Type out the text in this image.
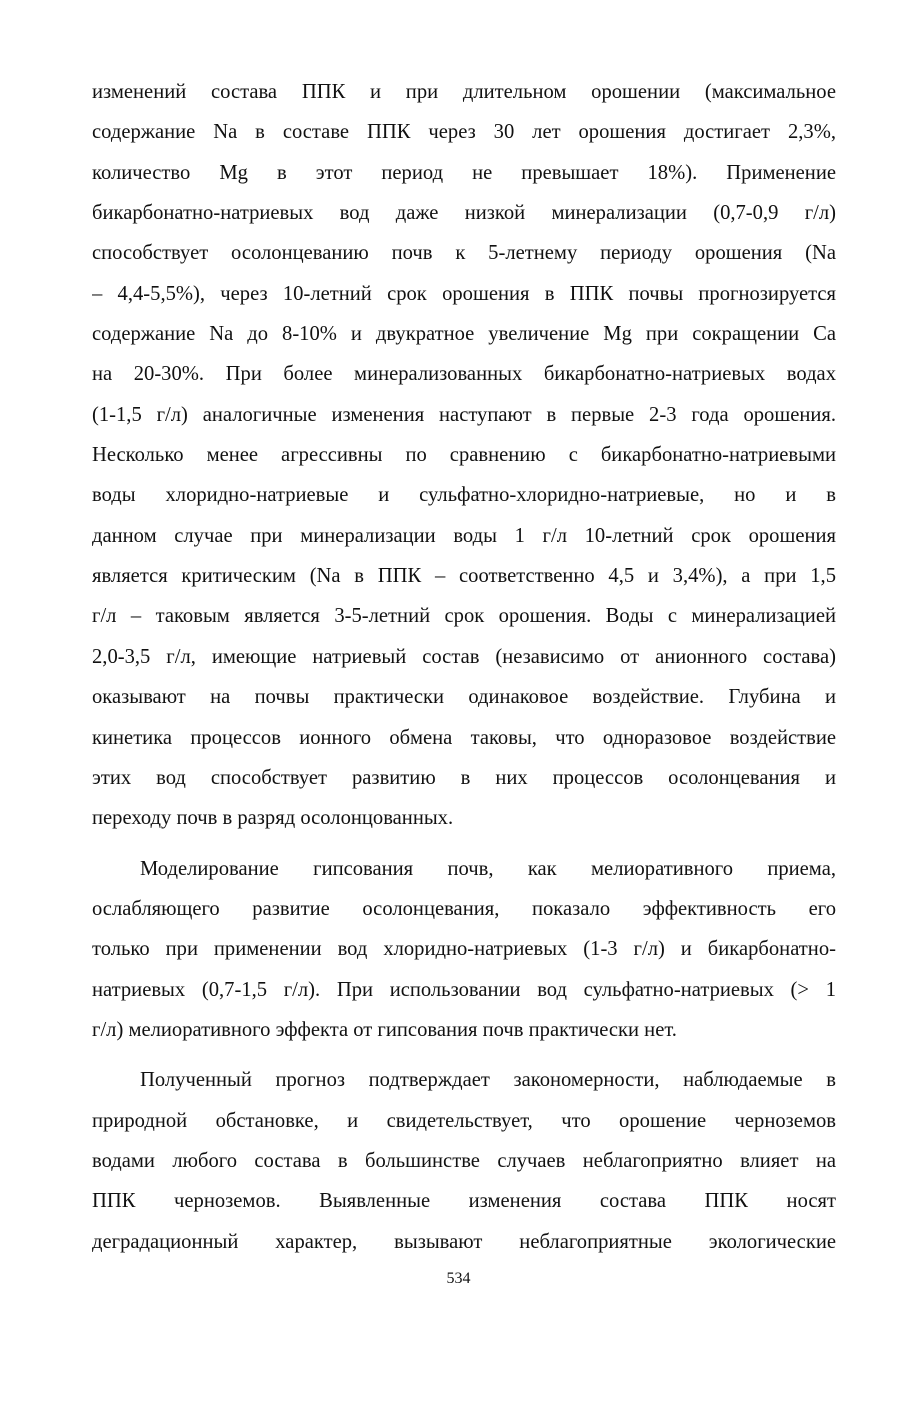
изменений состава ППК и при длительном орошении (максимальное
содержание Na в составе ППК через 30 лет орошения достигает 2,3%,
количество Mg в этот период не превышает 18%). Применение
бикарбонатно-натриевых вод даже низкой минерализации (0,7-0,9 г/л)
способствует осолонцеванию почв к 5-летнему периоду орошения (Na
– 4,4-5,5%), через 10-летний срок орошения в ППК почвы прогнозируется
содержание Na до 8-10% и двукратное увеличение Mg при сокращении Ca
на 20-30%. При более минерализованных бикарбонатно-натриевых водах
(1-1,5 г/л) аналогичные изменения наступают в первые 2-3 года орошения.
Несколько менее агрессивны по сравнению с бикарбонатно-натриевыми
воды хлоридно-натриевые и сульфатно-хлоридно-натриевые, но и в
данном случае при минерализации воды 1 г/л 10-летний срок орошения
является критическим (Na в ППК – соответственно 4,5 и 3,4%), а при 1,5
г/л – таковым является 3-5-летний срок орошения. Воды с минерализацией
2,0-3,5 г/л, имеющие натриевый состав (независимо от анионного состава)
оказывают на почвы практически одинаковое воздействие. Глубина и
кинетика процессов ионного обмена таковы, что одноразовое воздействие
этих вод способствует развитию в них процессов осолонцевания и
переходу почв в разряд осолонцованных.
Моделирование гипсования почв, как мелиоративного приема,
ослабляющего развитие осолонцевания, показало эффективность его
только при применении вод хлоридно-натриевых (1-3 г/л) и бикарбонатно-
натриевых (0,7-1,5 г/л). При использовании вод сульфатно-натриевых (> 1
г/л) мелиоративного эффекта от гипсования почв практически нет.
Полученный прогноз подтверждает закономерности, наблюдаемые в
природной обстановке, и свидетельствует, что орошение черноземов
водами любого состава в большинстве случаев неблагоприятно влияет на
ППК черноземов. Выявленные изменения состава ППК носят
деградационный характер, вызывают неблагоприятные экологические
534
